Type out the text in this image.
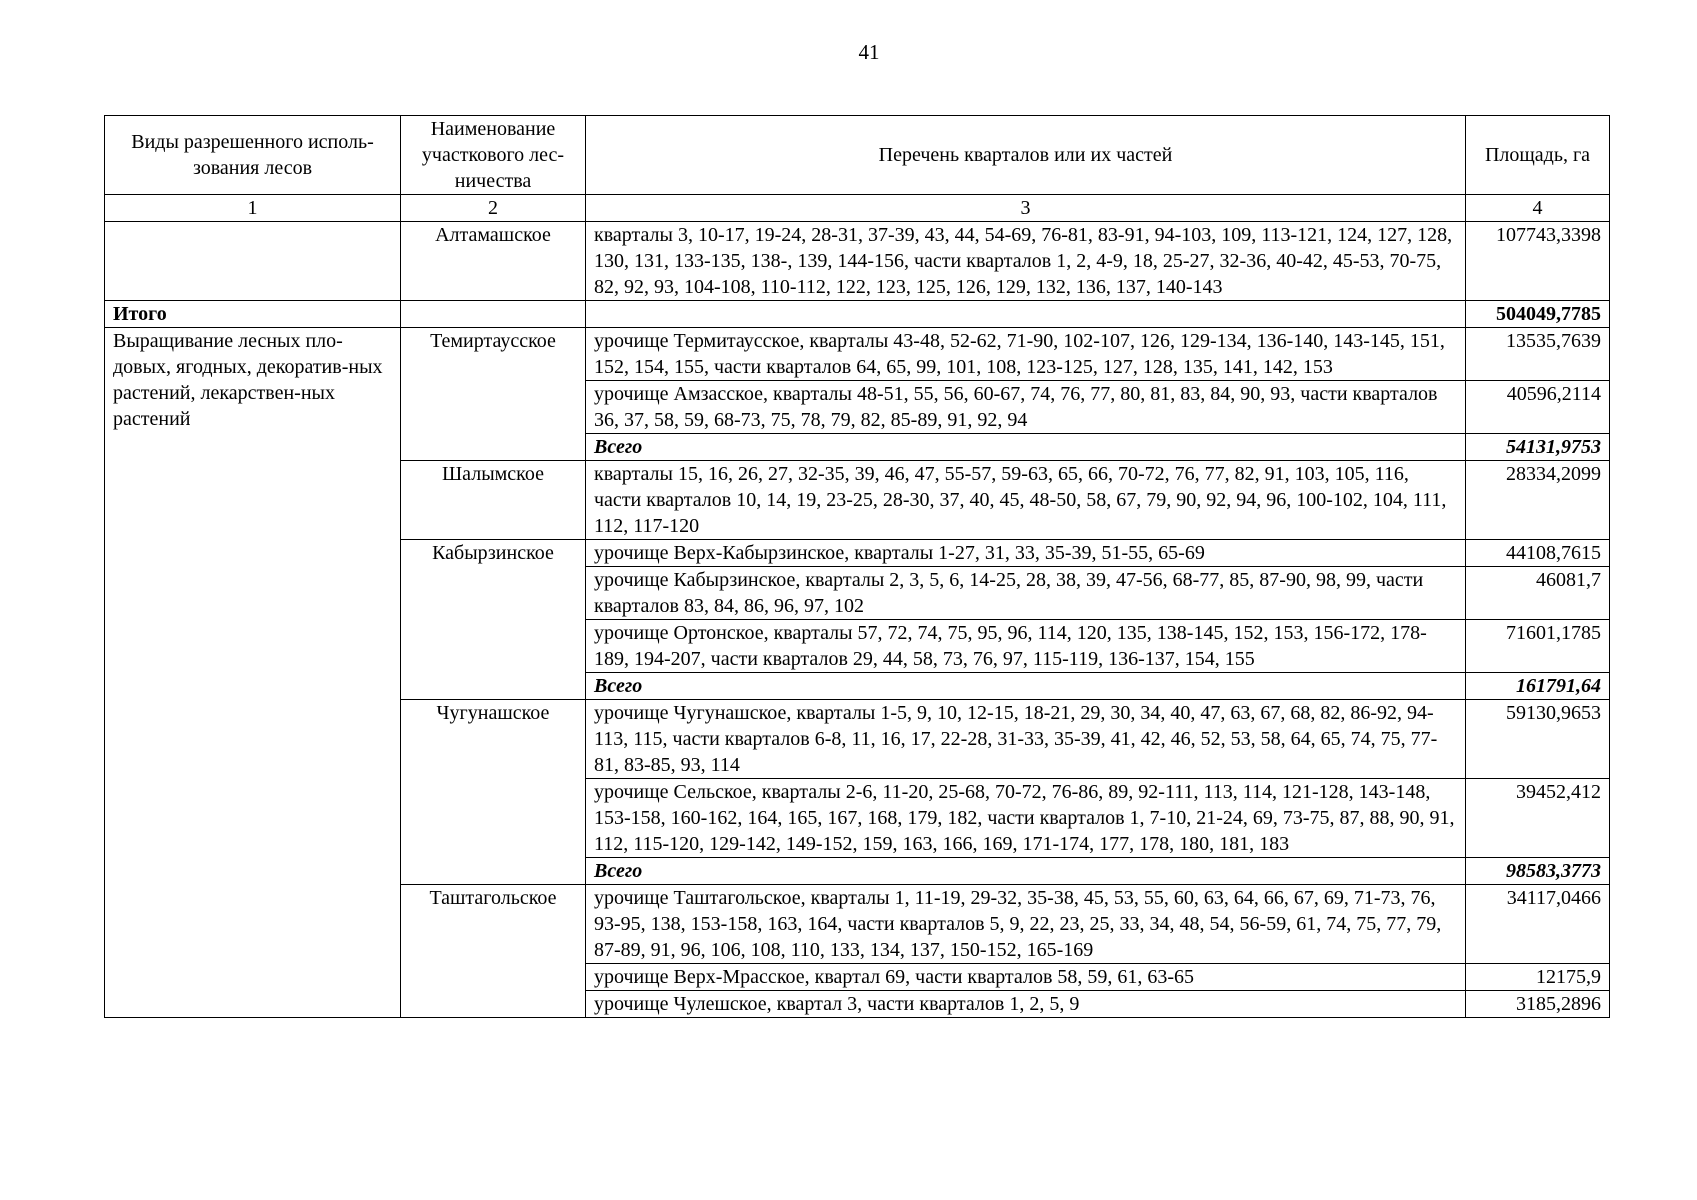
41
Виды разрешенного исполь-зования лесов	Наименование участкового лес-ничества	Перечень кварталов или их частей	Площадь, га
1	2	3	4
	Алтамашское	кварталы 3, 10-17, 19-24, 28-31, 37-39, 43, 44, 54-69, 76-81, 83-91, 94-103, 109, 113-121, 124, 127, 128, 130, 131, 133-135, 138-, 139, 144-156, части кварталов 1, 2, 4-9, 18, 25-27, 32-36, 40-42, 45-53, 70-75, 82, 92, 93, 104-108, 110-112, 122, 123, 125, 126, 129, 132, 136, 137, 140-143	107743,3398
Итого			504049,7785
Выращивание лесных пло-довых, ягодных, декоратив-ных растений, лекарствен-ных растений	Темиртаусское	урочище Термитаусское, кварталы 43-48, 52-62, 71-90, 102-107, 126, 129-134, 136-140, 143-145, 151, 152, 154, 155, части кварталов 64, 65, 99, 101, 108, 123-125, 127, 128, 135, 141, 142, 153	13535,7639
		урочище Амзасское, кварталы 48-51, 55, 56, 60-67, 74, 76, 77, 80, 81, 83, 84, 90, 93, части кварталов 36, 37, 58, 59, 68-73, 75, 78, 79, 82, 85-89, 91, 92, 94	40596,2114
		Всего	54131,9753
	Шалымское	кварталы 15, 16, 26, 27, 32-35, 39, 46, 47, 55-57, 59-63, 65, 66, 70-72, 76, 77, 82, 91, 103, 105, 116, части кварталов 10, 14, 19, 23-25, 28-30, 37, 40, 45, 48-50, 58, 67, 79, 90, 92, 94, 96, 100-102, 104, 111, 112, 117-120	28334,2099
	Кабырзинское	урочище Верх-Кабырзинское, кварталы 1-27, 31, 33, 35-39, 51-55, 65-69	44108,7615
		урочище Кабырзинское, кварталы 2, 3, 5, 6, 14-25, 28, 38, 39, 47-56, 68-77, 85, 87-90, 98, 99, части кварталов 83, 84, 86, 96, 97, 102	46081,7
		урочище Ортонское, кварталы 57, 72, 74, 75, 95, 96, 114, 120, 135, 138-145, 152, 153, 156-172, 178-189, 194-207, части кварталов 29, 44, 58, 73, 76, 97, 115-119, 136-137, 154, 155	71601,1785
		Всего	161791,64
	Чугунашское	урочище Чугунашское, кварталы 1-5, 9, 10, 12-15, 18-21, 29, 30, 34, 40, 47, 63, 67, 68, 82, 86-92, 94-113, 115, части кварталов 6-8, 11, 16, 17, 22-28, 31-33, 35-39, 41, 42, 46, 52, 53, 58, 64, 65, 74, 75, 77-81, 83-85, 93, 114	59130,9653
		урочище Сельское, кварталы 2-6, 11-20, 25-68, 70-72, 76-86, 89, 92-111, 113, 114, 121-128, 143-148, 153-158, 160-162, 164, 165, 167, 168, 179, 182, части кварталов 1, 7-10, 21-24, 69, 73-75, 87, 88, 90, 91, 112, 115-120, 129-142, 149-152, 159, 163, 166, 169, 171-174, 177, 178, 180, 181, 183	39452,412
		Всего	98583,3773
	Таштагольское	урочище Таштагольское, кварталы 1, 11-19, 29-32, 35-38, 45, 53, 55, 60, 63, 64, 66, 67, 69, 71-73, 76, 93-95, 138, 153-158, 163, 164, части кварталов 5, 9, 22, 23, 25, 33, 34, 48, 54, 56-59, 61, 74, 75, 77, 79, 87-89, 91, 96, 106, 108, 110, 133, 134, 137, 150-152, 165-169	34117,0466
		урочище Верх-Мрасское, квартал 69, части кварталов 58, 59, 61, 63-65	12175,9
		урочище Чулешское, квартал 3, части кварталов 1, 2, 5, 9	3185,2896
